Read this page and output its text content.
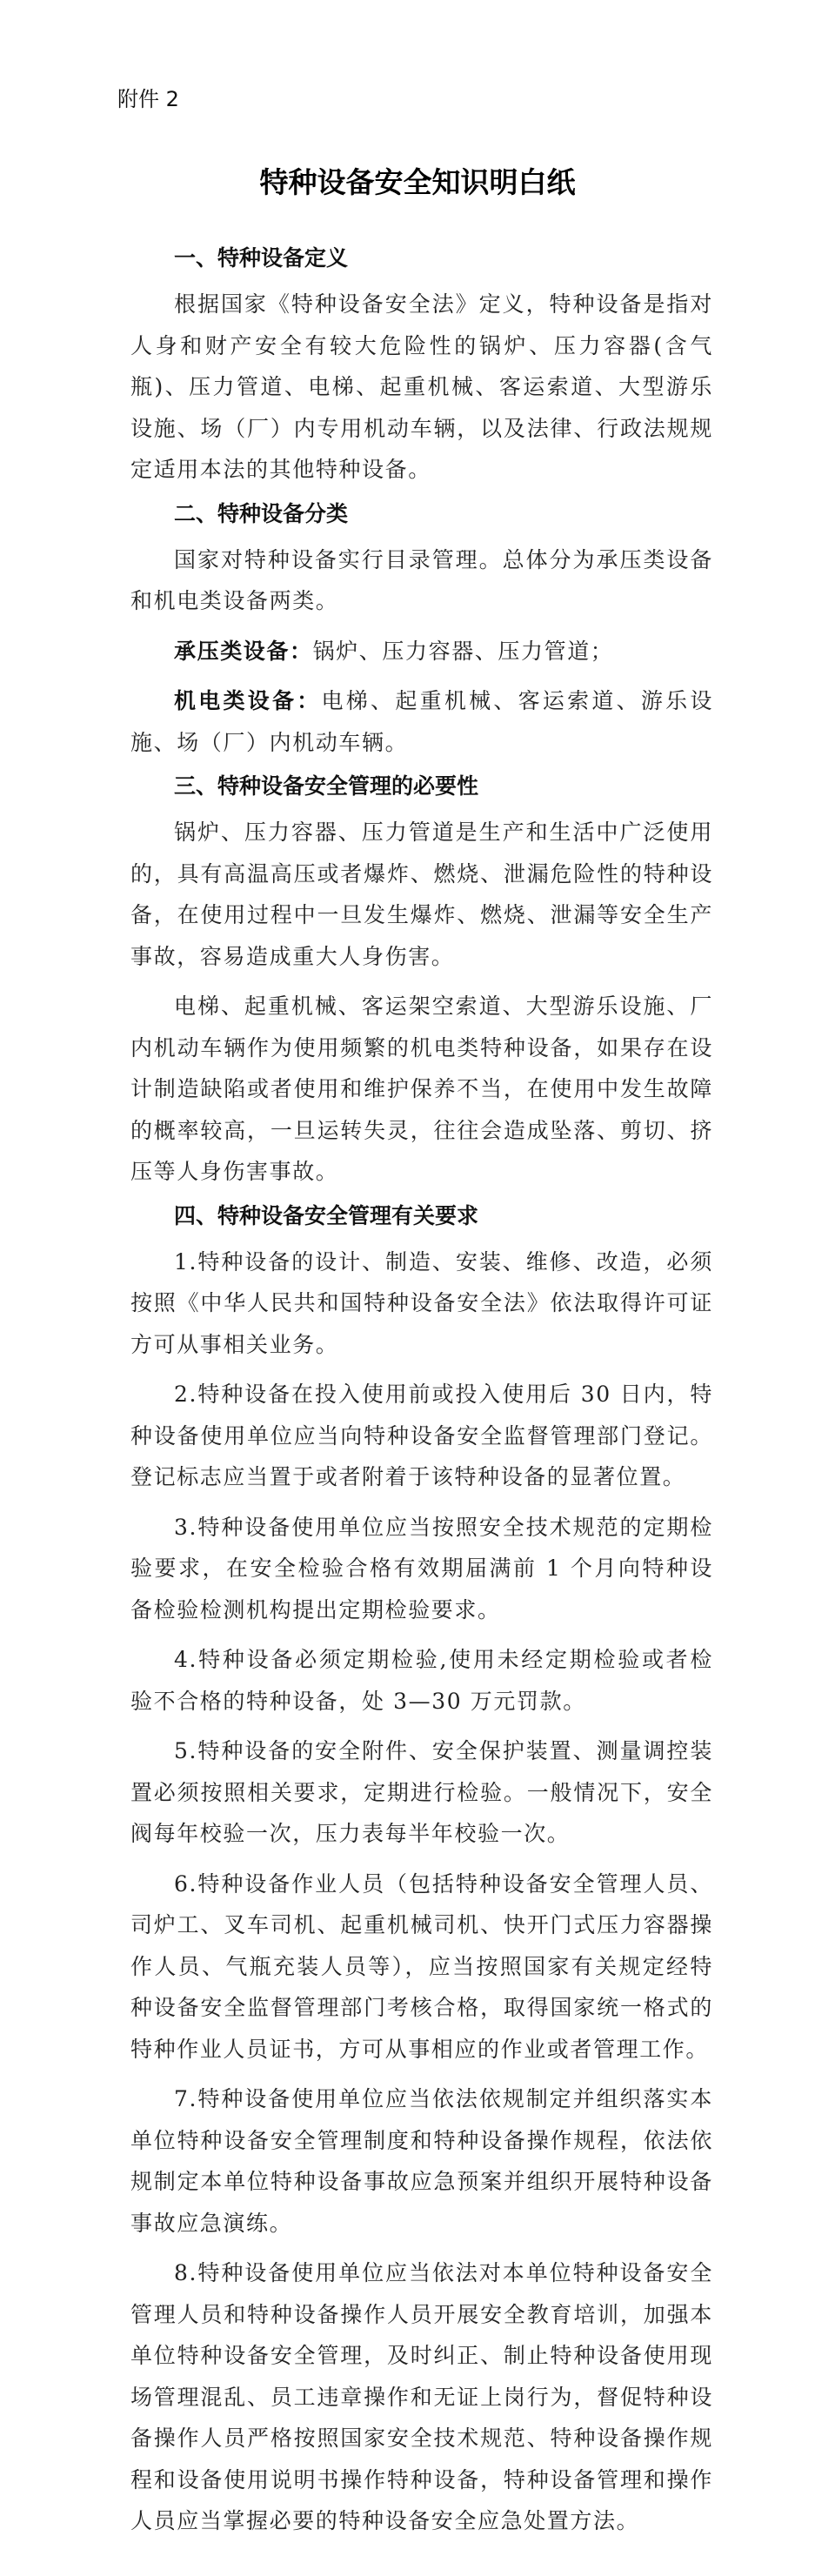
附件 2
特种设备安全知识明白纸
一、特种设备定义
根据国家《特种设备安全法》定义，特种设备是指对人身和财产安全有较大危险性的锅炉、压力容器(含气瓶)、压力管道、电梯、起重机械、客运索道、大型游乐设施、场（厂）内专用机动车辆，以及法律、行政法规规定适用本法的其他特种设备。
二、特种设备分类
国家对特种设备实行目录管理。总体分为承压类设备和机电类设备两类。
承压类设备：锅炉、压力容器、压力管道；
机电类设备：电梯、起重机械、客运索道、游乐设施、场（厂）内机动车辆。
三、特种设备安全管理的必要性
锅炉、压力容器、压力管道是生产和生活中广泛使用的，具有高温高压或者爆炸、燃烧、泄漏危险性的特种设备，在使用过程中一旦发生爆炸、燃烧、泄漏等安全生产事故，容易造成重大人身伤害。
电梯、起重机械、客运架空索道、大型游乐设施、厂内机动车辆作为使用频繁的机电类特种设备，如果存在设计制造缺陷或者使用和维护保养不当，在使用中发生故障的概率较高，一旦运转失灵，往往会造成坠落、剪切、挤压等人身伤害事故。
四、特种设备安全管理有关要求
1.特种设备的设计、制造、安装、维修、改造，必须按照《中华人民共和国特种设备安全法》依法取得许可证方可从事相关业务。
2.特种设备在投入使用前或投入使用后 30 日内，特种设备使用单位应当向特种设备安全监督管理部门登记。登记标志应当置于或者附着于该特种设备的显著位置。
3.特种设备使用单位应当按照安全技术规范的定期检验要求，在安全检验合格有效期届满前 1 个月向特种设备检验检测机构提出定期检验要求。
4.特种设备必须定期检验,使用未经定期检验或者检验不合格的特种设备，处 3—30 万元罚款。
5.特种设备的安全附件、安全保护装置、测量调控装置必须按照相关要求，定期进行检验。一般情况下，安全阀每年校验一次，压力表每半年校验一次。
6.特种设备作业人员（包括特种设备安全管理人员、司炉工、叉车司机、起重机械司机、快开门式压力容器操作人员、气瓶充装人员等），应当按照国家有关规定经特种设备安全监督管理部门考核合格，取得国家统一格式的特种作业人员证书，方可从事相应的作业或者管理工作。
7.特种设备使用单位应当依法依规制定并组织落实本单位特种设备安全管理制度和特种设备操作规程，依法依规制定本单位特种设备事故应急预案并组织开展特种设备事故应急演练。
8.特种设备使用单位应当依法对本单位特种设备安全管理人员和特种设备操作人员开展安全教育培训，加强本单位特种设备安全管理，及时纠正、制止特种设备使用现场管理混乱、员工违章操作和无证上岗行为，督促特种设备操作人员严格按照国家安全技术规范、特种设备操作规程和设备使用说明书操作特种设备，特种设备管理和操作人员应当掌握必要的特种设备安全应急处置方法。
